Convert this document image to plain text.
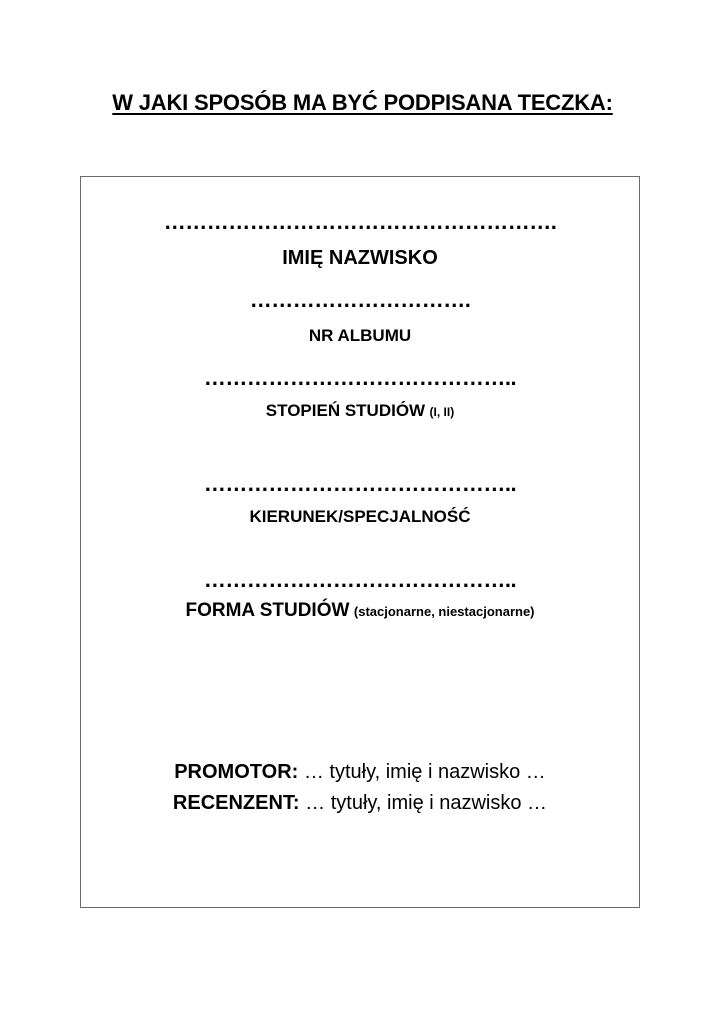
W JAKI SPOSÓB MA BYĆ PODPISANA TECZKA:
……………………………………………….
IMIĘ NAZWISKO
………………………….
NR ALBUMU
……………………………………..
STOPIEŃ STUDIÓW (I, II)
……………………………………..
KIERUNEK/SPECJALNOŚĆ
……………………………………..
FORMA STUDIÓW (stacjonarne, niestacjonarne)
PROMOTOR: … tytuły, imię i nazwisko …
RECENZENT: … tytuły, imię i nazwisko …
